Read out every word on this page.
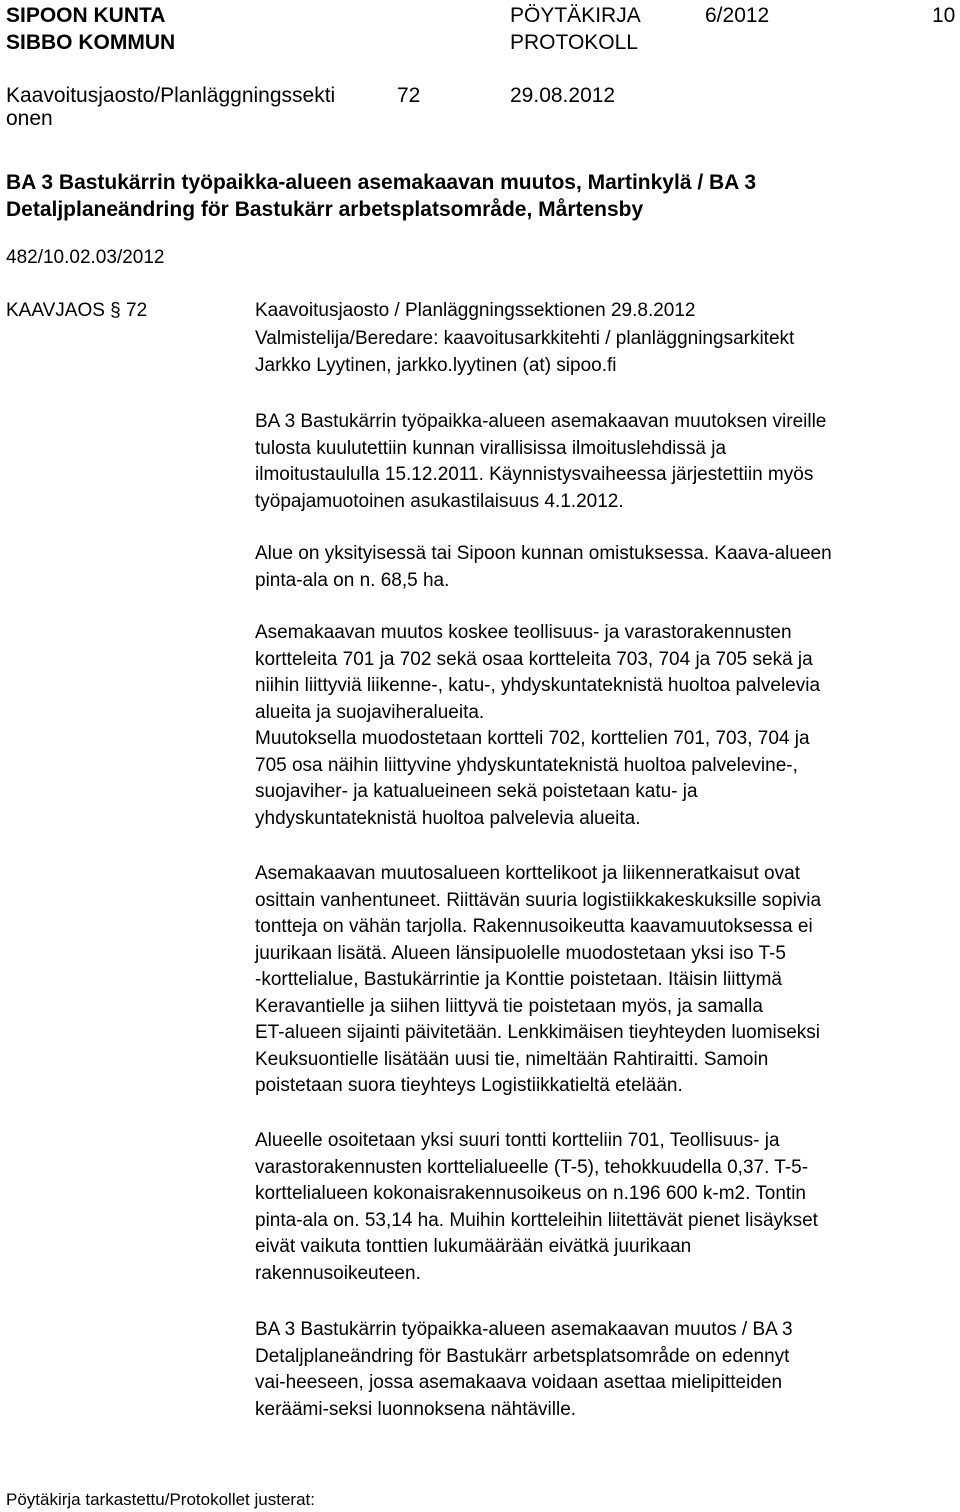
SIPOON KUNTA
SIBBO KOMMUN
PÖYTÄKIRJA
PROTOKOLL
6/2012	10
Kaavoitusjaosto/Planläggningssekti
onen
72	29.08.2012
BA 3 Bastukärrin työpaikka-alueen asemakaavan muutos, Martinkylä / BA 3
Detaljplaneändring för Bastukärr arbetsplatsområde, Mårtensby
482/10.02.03/2012
KAAVJAOS § 72	Kaavoitusjaosto / Planläggningssektionen 29.8.2012
Valmistelija/Beredare: kaavoitusarkkitehti / planläggningsarkitekt
Jarkko Lyytinen, jarkko.lyytinen (at) sipoo.fi
BA 3 Bastukärrin työpaikka-alueen asemakaavan muutoksen vireille
tulosta kuulutettiin kunnan virallisissa ilmoituslehdissä ja
ilmoitustaululla 15.12.2011. Käynnistysvaiheessa järjestettiin myös
työpajamuotoinen asukastilaisuus 4.1.2012.
Alue on yksityisessä tai Sipoon kunnan omistuksessa. Kaava-alueen
pinta-ala on n. 68,5 ha.
Asemakaavan muutos koskee teollisuus- ja varastorakennusten
kortteleita 701 ja 702 sekä osaa kortteleita 703, 704 ja 705 sekä ja
niihin liittyviä liikenne-, katu-, yhdyskuntateknistä huoltoa palvelevia
alueita ja suojaviheralueita.
Muutoksella muodostetaan kortteli 702, korttelien 701, 703, 704 ja
705 osa näihin liittyvine yhdyskuntateknistä huoltoa palvelevine-,
suojaviher- ja katualueineen sekä poistetaan katu- ja
yhdyskuntateknistä huoltoa palvelevia alueita.
Asemakaavan muutosalueen korttelikoot ja liikenneratkaisut ovat
osittain vanhentuneet. Riittävän suuria logistiikkakeskuksille sopivia
tontteja on vähän tarjolla. Rakennusoikeutta kaavamuutoksessa ei
juurikaan lisätä. Alueen länsipuolelle muodostetaan yksi iso T-5
-korttelialue, Bastukärrintie ja Konttie poistetaan. Itäisin liittymä
Keravantielle ja siihen liittyvä tie poistetaan myös, ja samalla
ET-alueen sijainti päivitetään. Lenkkimäisen tieyhteyden luomiseksi
Keuksuontielle lisätään uusi tie, nimeltään Rahtiraitti. Samoin
poistetaan suora tieyhteys Logistiikkatieltä etelään.
Alueelle osoitetaan yksi suuri tontti kortteliin 701, Teollisuus- ja
varastorakennusten korttelialueelle (T-5), tehokkuudella 0,37. T-5-
korttelialueen kokonaisrakennusoikeus on n.196 600 k-m2. Tontin
pinta-ala on. 53,14 ha. Muihin kortteleihin liitettävät pienet lisäykset
eivät vaikuta tonttien lukumäärään eivätkä juurikaan
rakennusoikeuteen.
BA 3 Bastukärrin työpaikka-alueen asemakaavan muutos / BA 3
Detaljplaneändring för Bastukärr arbetsplatsområde on edennyt
vai-heeseen, jossa asemakaava voidaan asettaa mielipitteiden
keräämi-seksi luonnoksena nähtäville.
Pöytäkirja tarkastettu/Protokollet justerat:
